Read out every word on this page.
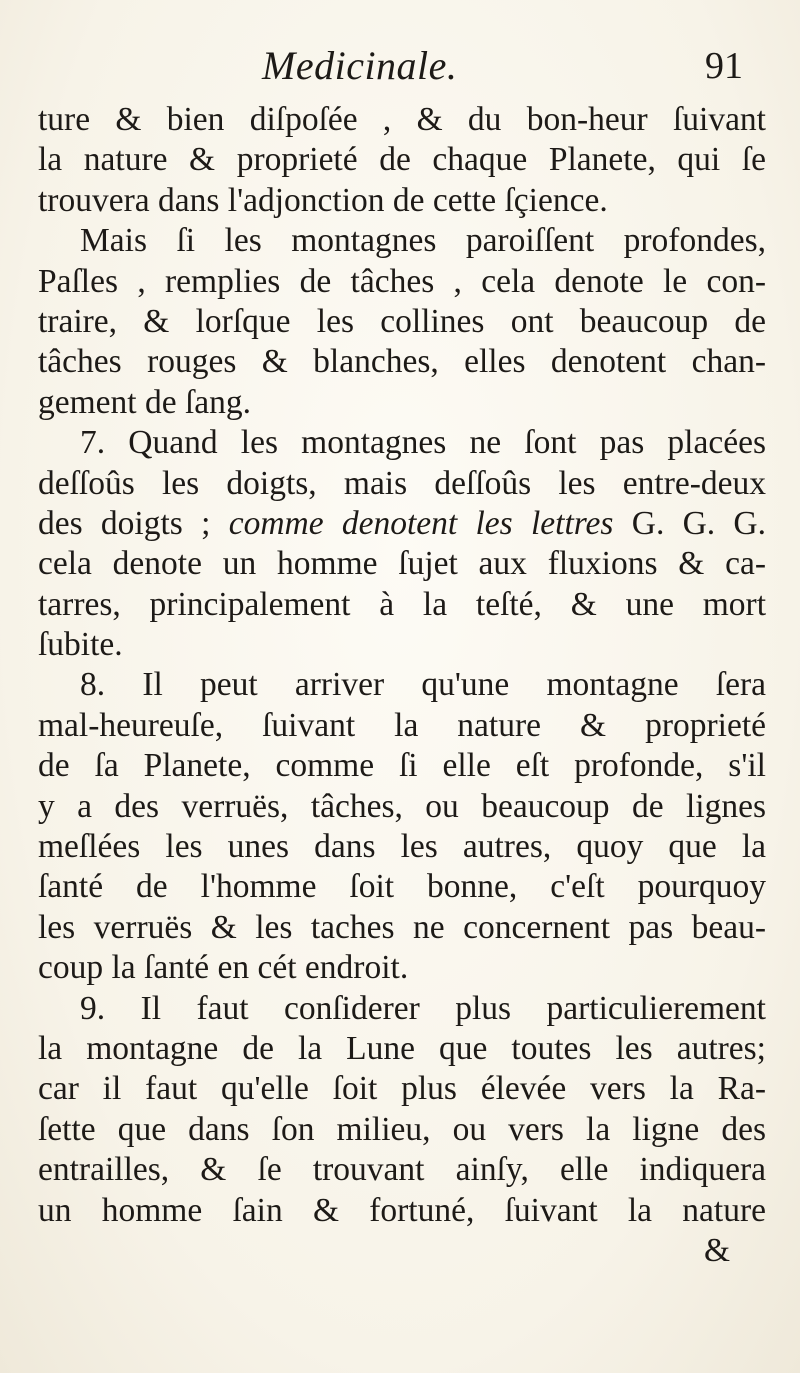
Medicinale.	91
ture & bien diſpoſée , & du bon-heur ſuivant
la nature & proprieté de chaque Planete, qui ſe
trouvera dans l'adjonction de cette ſçience.
Mais ſi les montagnes paroiſſent profondes,
Paſles , remplies de tâches , cela denote le con-
traire, & lorſque les collines ont beaucoup de
tâches rouges & blanches, elles denotent chan-
gement de ſang.
7. Quand les montagnes ne ſont pas placées
deſſoûs les doigts, mais deſſoûs les entre-deux
des doigts ; comme denotent les lettres G. G. G.
cela denote un homme ſujet aux fluxions & ca-
tarres, principalement à la teſté, & une mort
ſubite.
8. Il peut arriver qu'une montagne ſera
mal-heureuſe, ſuivant la nature & proprieté
de ſa Planete, comme ſi elle eſt profonde, s'il
y a des verruës, tâches, ou beaucoup de lignes
meſlées les unes dans les autres, quoy que la
ſanté de l'homme ſoit bonne, c'eſt pourquoy
les verruës & les taches ne concernent pas beau-
coup la ſanté en cét endroit.
9. Il faut conſiderer plus particulierement
la montagne de la Lune que toutes les autres;
car il faut qu'elle ſoit plus élevée vers la Ra-
ſette que dans ſon milieu, ou vers la ligne des
entrailles, & ſe trouvant ainſy, elle indiquera
un homme ſain & fortuné, ſuivant la nature
&
